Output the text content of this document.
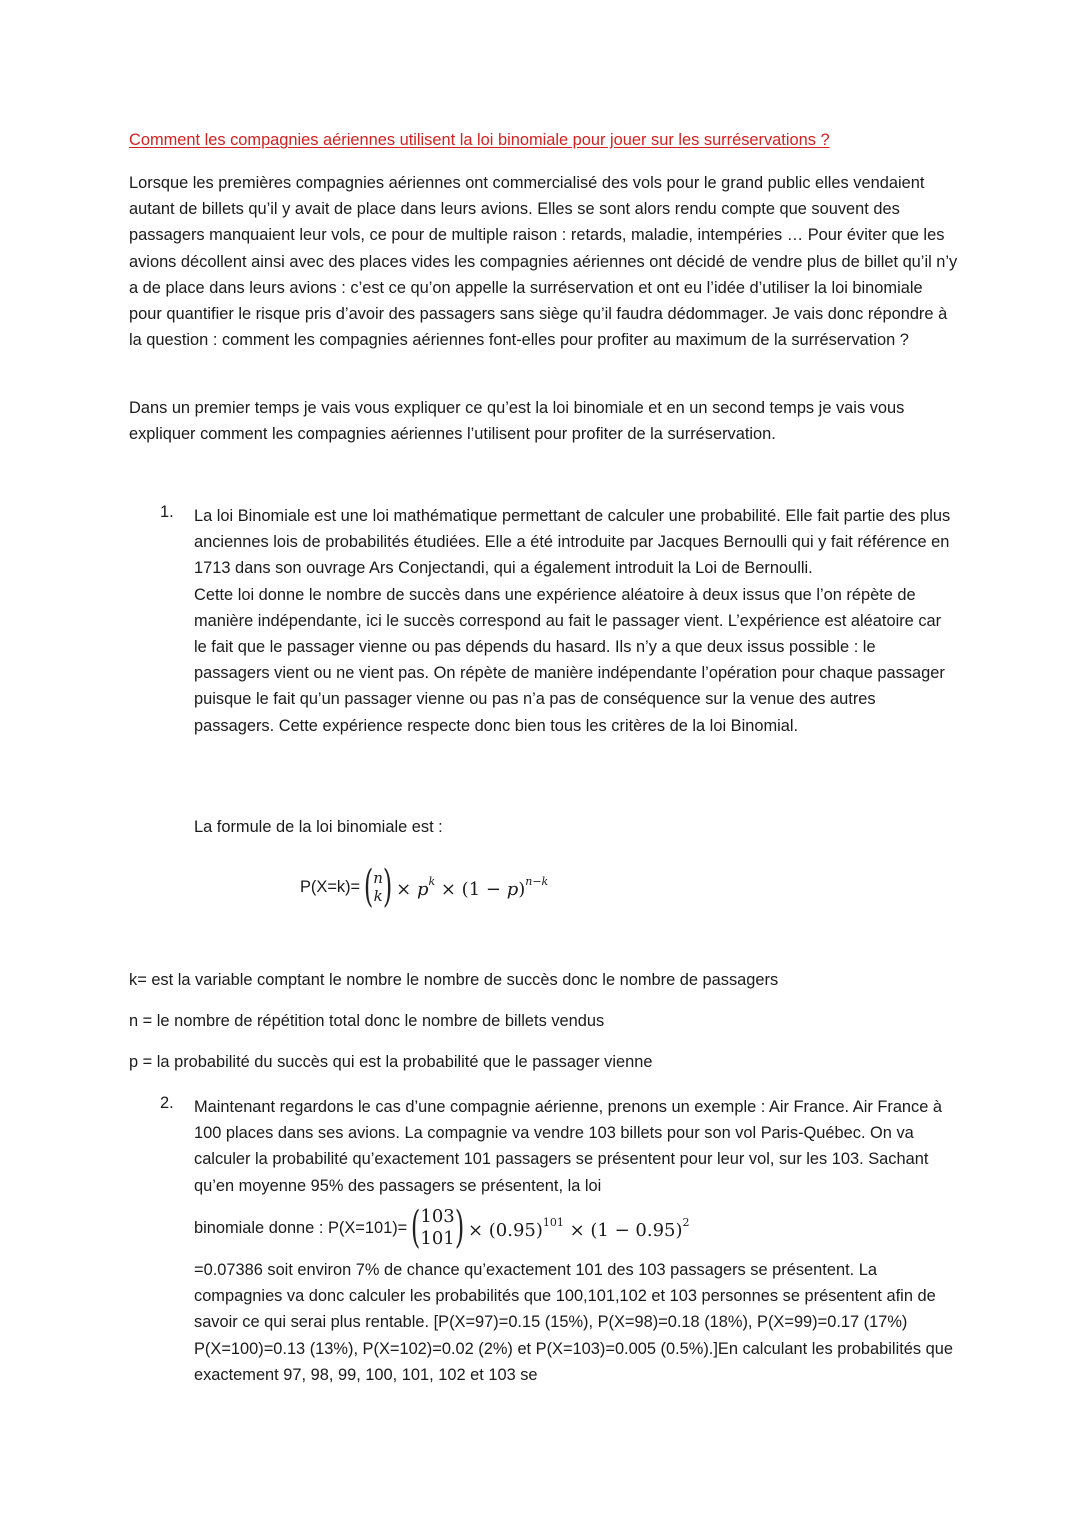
Comment les compagnies aériennes utilisent la loi binomiale pour jouer sur les surréservations ?

Lorsque les premières compagnies aériennes ont commercialisé des vols pour le grand public elles vendaient autant de billets qu’il y avait de place dans leurs avions. Elles se sont alors rendu compte que souvent des passagers manquaient leur vols, ce pour de multiple raison : retards, maladie, intempéries … Pour éviter que les avions décollent ainsi avec des places vides les compagnies aériennes ont décidé de vendre plus de billet qu’il n’y a de place dans leurs avions : c’est ce qu’on appelle la surréservation et ont eu l’idée d’utiliser la loi binomiale pour quantifier le risque pris d’avoir des passagers sans siège qu’il faudra dédommager. Je vais donc répondre à la question : comment les compagnies aériennes font-elles pour profiter au maximum de la surréservation ?

Dans un premier temps je vais vous expliquer ce qu’est la loi binomiale et en un second temps je vais vous expliquer comment les compagnies aériennes l’utilisent pour profiter de la surréservation.

1. La loi Binomiale est une loi mathématique permettant de calculer une probabilité. Elle fait partie des plus anciennes lois de probabilités étudiées. Elle a été introduite par Jacques Bernoulli qui y fait référence en 1713 dans son ouvrage Ars Conjectandi, qui a également introduit la Loi de Bernoulli.
Cette loi donne le nombre de succès dans une expérience aléatoire à deux issus que l’on répète de manière indépendante, ici le succès correspond au fait le passager vient. L’expérience est aléatoire car le fait que le passager vienne ou pas dépends du hasard. Ils n’y a que deux issus possible : le passagers vient ou ne vient pas. On répète de manière indépendante l’opération pour chaque passager puisque le fait qu’un passager vienne ou pas n’a pas de conséquence sur la venue des autres passagers. Cette expérience respecte donc bien tous les critères de la loi Binomial.
La formule de la loi binomiale est :
P(X=k)= ( n
k ) × $p^k \times (1 - p)^{n-k}$
k= est la variable comptant le nombre le nombre de succès donc le nombre de passagers
n = le nombre de répétition total donc le nombre de billets vendus
p = la probabilité du succès qui est la probabilité que le passager vienne
2. Maintenant regardons le cas d’une compagnie aérienne, prenons un exemple : Air France. Air France à 100 places dans ses avions. La compagnie va vendre 103 billets pour son vol Paris-Québec. On va calculer la probabilité qu’exactement 101 passagers se présentent pour leur vol, sur les 103. Sachant qu’en moyenne 95% des passagers se présentent, la loi
binomiale donne : P(X=101)= ( 103
101 ) × $(0.95)^{101} \times (1 - 0.95)^2$
=0.07386 soit environ 7% de chance qu’exactement 101 des 103 passagers se présentent. La compagnies va donc calculer les probabilités que 100,101,102 et 103 personnes se présentent afin de savoir ce qui serai plus rentable. [P(X=97)=0.15 (15%), P(X=98)=0.18 (18%), P(X=99)=0.17 (17%) P(X=100)=0.13 (13%), P(X=102)=0.02 (2%) et P(X=103)=0.005 (0.5%).]En calculant les probabilités que exactement 97, 98, 99, 100, 101, 102 et 103 se
